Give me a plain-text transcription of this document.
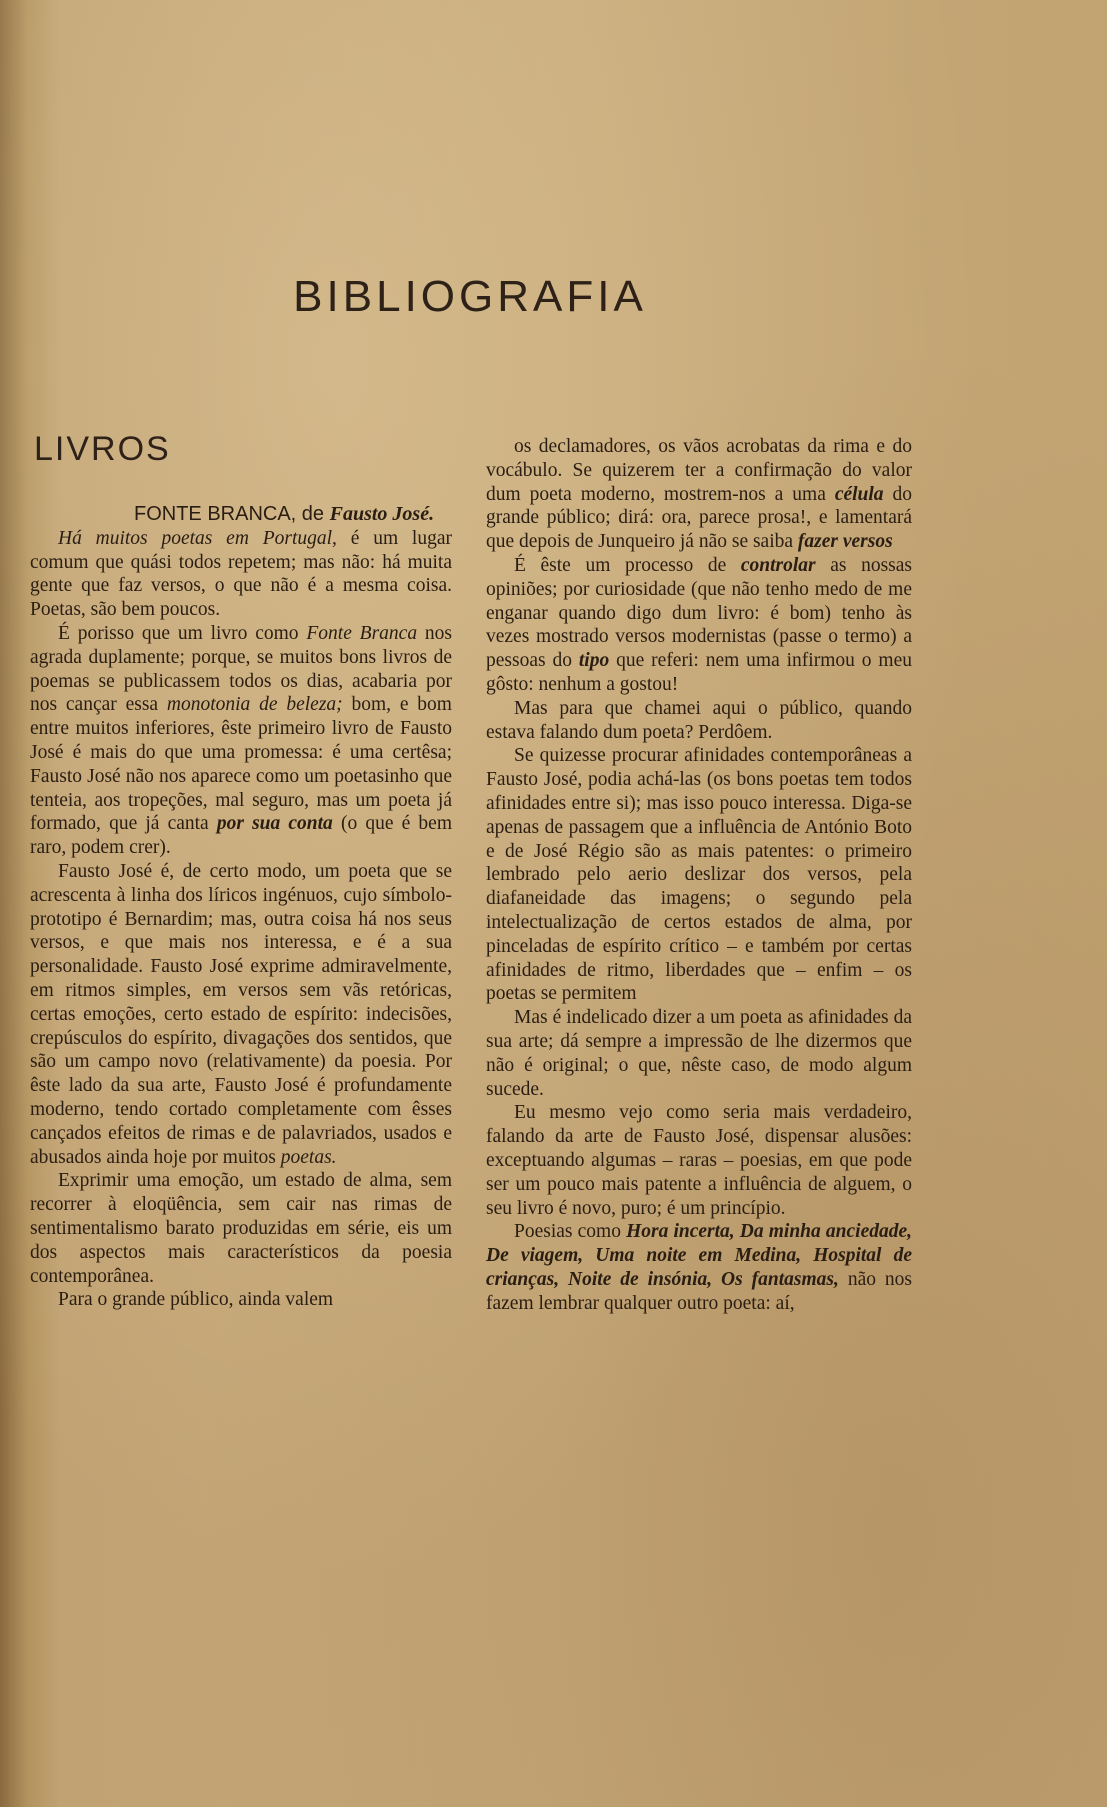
BIBLIOGRAFIA
LIVROS

FONTE BRANCA, de Fausto José.

Há muitos poetas em Portugal, é um lugar comum que quási todos repetem; mas não: há muita gente que faz versos, o que não é a mesma coisa. Poetas, são bem poucos.

É porisso que um livro como Fonte Branca nos agrada duplamente; porque, se muitos bons livros de poemas se publicassem todos os dias, acabaria por nos cançar essa monotonia de beleza; bom, e bom entre muitos inferiores, êste primeiro livro de Fausto José é mais do que uma promessa: é uma certêsa; Fausto José não nos aparece como um poetasinho que tenteia, aos tropeções, mal seguro, mas um poeta já formado, que já canta por sua conta (o que é bem raro, podem crer).

Fausto José é, de certo modo, um poeta que se acrescenta à linha dos líricos ingénuos, cujo símbolo-prototipo é Bernardim; mas, outra coisa há nos seus versos, e que mais nos interessa, e é a sua personalidade. Fausto José exprime admiravelmente, em ritmos simples, em versos sem vãs retóricas, certas emoções, certo estado de espírito: indecisões, crepúsculos do espírito, divagações dos sentidos, que são um campo novo (relativamente) da poesia. Por êste lado da sua arte, Fausto José é profundamente moderno, tendo cortado completamente com êsses cançados efeitos de rimas e de palavriados, usados e abusados ainda hoje por muitos poetas.

Exprimir uma emoção, um estado de alma, sem recorrer à eloqüência, sem cair nas rimas de sentimentalismo barato produzidas em série, eis um dos aspectos mais característicos da poesia contemporânea.

Para o grande público, ainda valem

os declamadores, os vãos acrobatas da rima e do vocábulo. Se quizerem ter a confirmação do valor dum poeta moderno, mostrem-nos a uma célula do grande público; dirá: ora, parece prosa!, e lamentará que depois de Junqueiro já não se saiba fazer versos

É êste um processo de controlar as nossas opiniões; por curiosidade (que não tenho medo de me enganar quando digo dum livro: é bom) tenho às vezes mostrado versos modernistas (passe o termo) a pessoas do tipo que referi: nem uma infirmou o meu gôsto: nenhum a gostou!

Mas para que chamei aqui o público, quando estava falando dum poeta? Perdôem.

Se quizesse procurar afinidades contemporâneas a Fausto José, podia achá-las (os bons poetas tem todos afinidades entre si); mas isso pouco interessa. Diga-se apenas de passagem que a influência de António Boto e de José Régio são as mais patentes: o primeiro lembrado pelo aerio deslizar dos versos, pela diafaneidade das imagens; o segundo pela intelectualização de certos estados de alma, por pinceladas de espírito crítico – e também por certas afinidades de ritmo, liberdades que – enfim – os poetas se permitem

Mas é indelicado dizer a um poeta as afinidades da sua arte; dá sempre a impressão de lhe dizermos que não é original; o que, nêste caso, de modo algum sucede.

Eu mesmo vejo como seria mais verdadeiro, falando da arte de Fausto José, dispensar alusões: exceptuando algumas – raras – poesias, em que pode ser um pouco mais patente a influência de alguem, o seu livro é novo, puro; é um princípio.

Poesias como Hora incerta, Da minha anciedade, De viagem, Uma noite em Medina, Hospital de crianças, Noite de insónia, Os fantasmas, não nos fazem lembrar qualquer outro poeta: aí,
